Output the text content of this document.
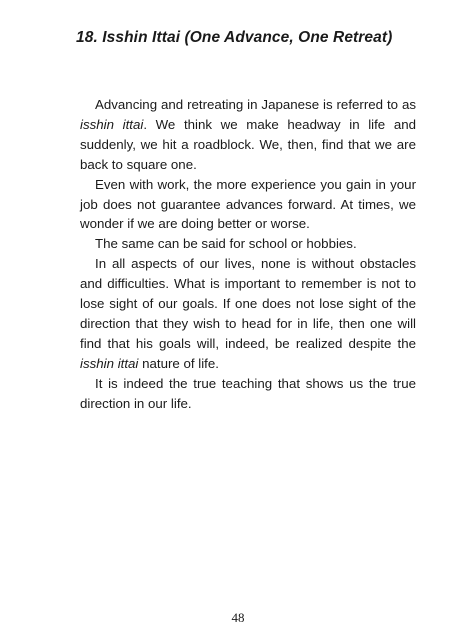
18. Isshin Ittai (One Advance, One Retreat)

Advancing and retreating in Japanese is referred to as isshin ittai. We think we make headway in life and suddenly, we hit a roadblock. We, then, find that we are back to square one.

Even with work, the more experience you gain in your job does not guarantee advances forward. At times, we wonder if we are doing better or worse.

The same can be said for school or hobbies.

In all aspects of our lives, none is without obstacles and difficulties. What is important to remember is not to lose sight of our goals. If one does not lose sight of the direction that they wish to head for in life, then one will find that his goals will, indeed, be realized despite the isshin ittai nature of life.

It is indeed the true teaching that shows us the true direction in our life.

48
